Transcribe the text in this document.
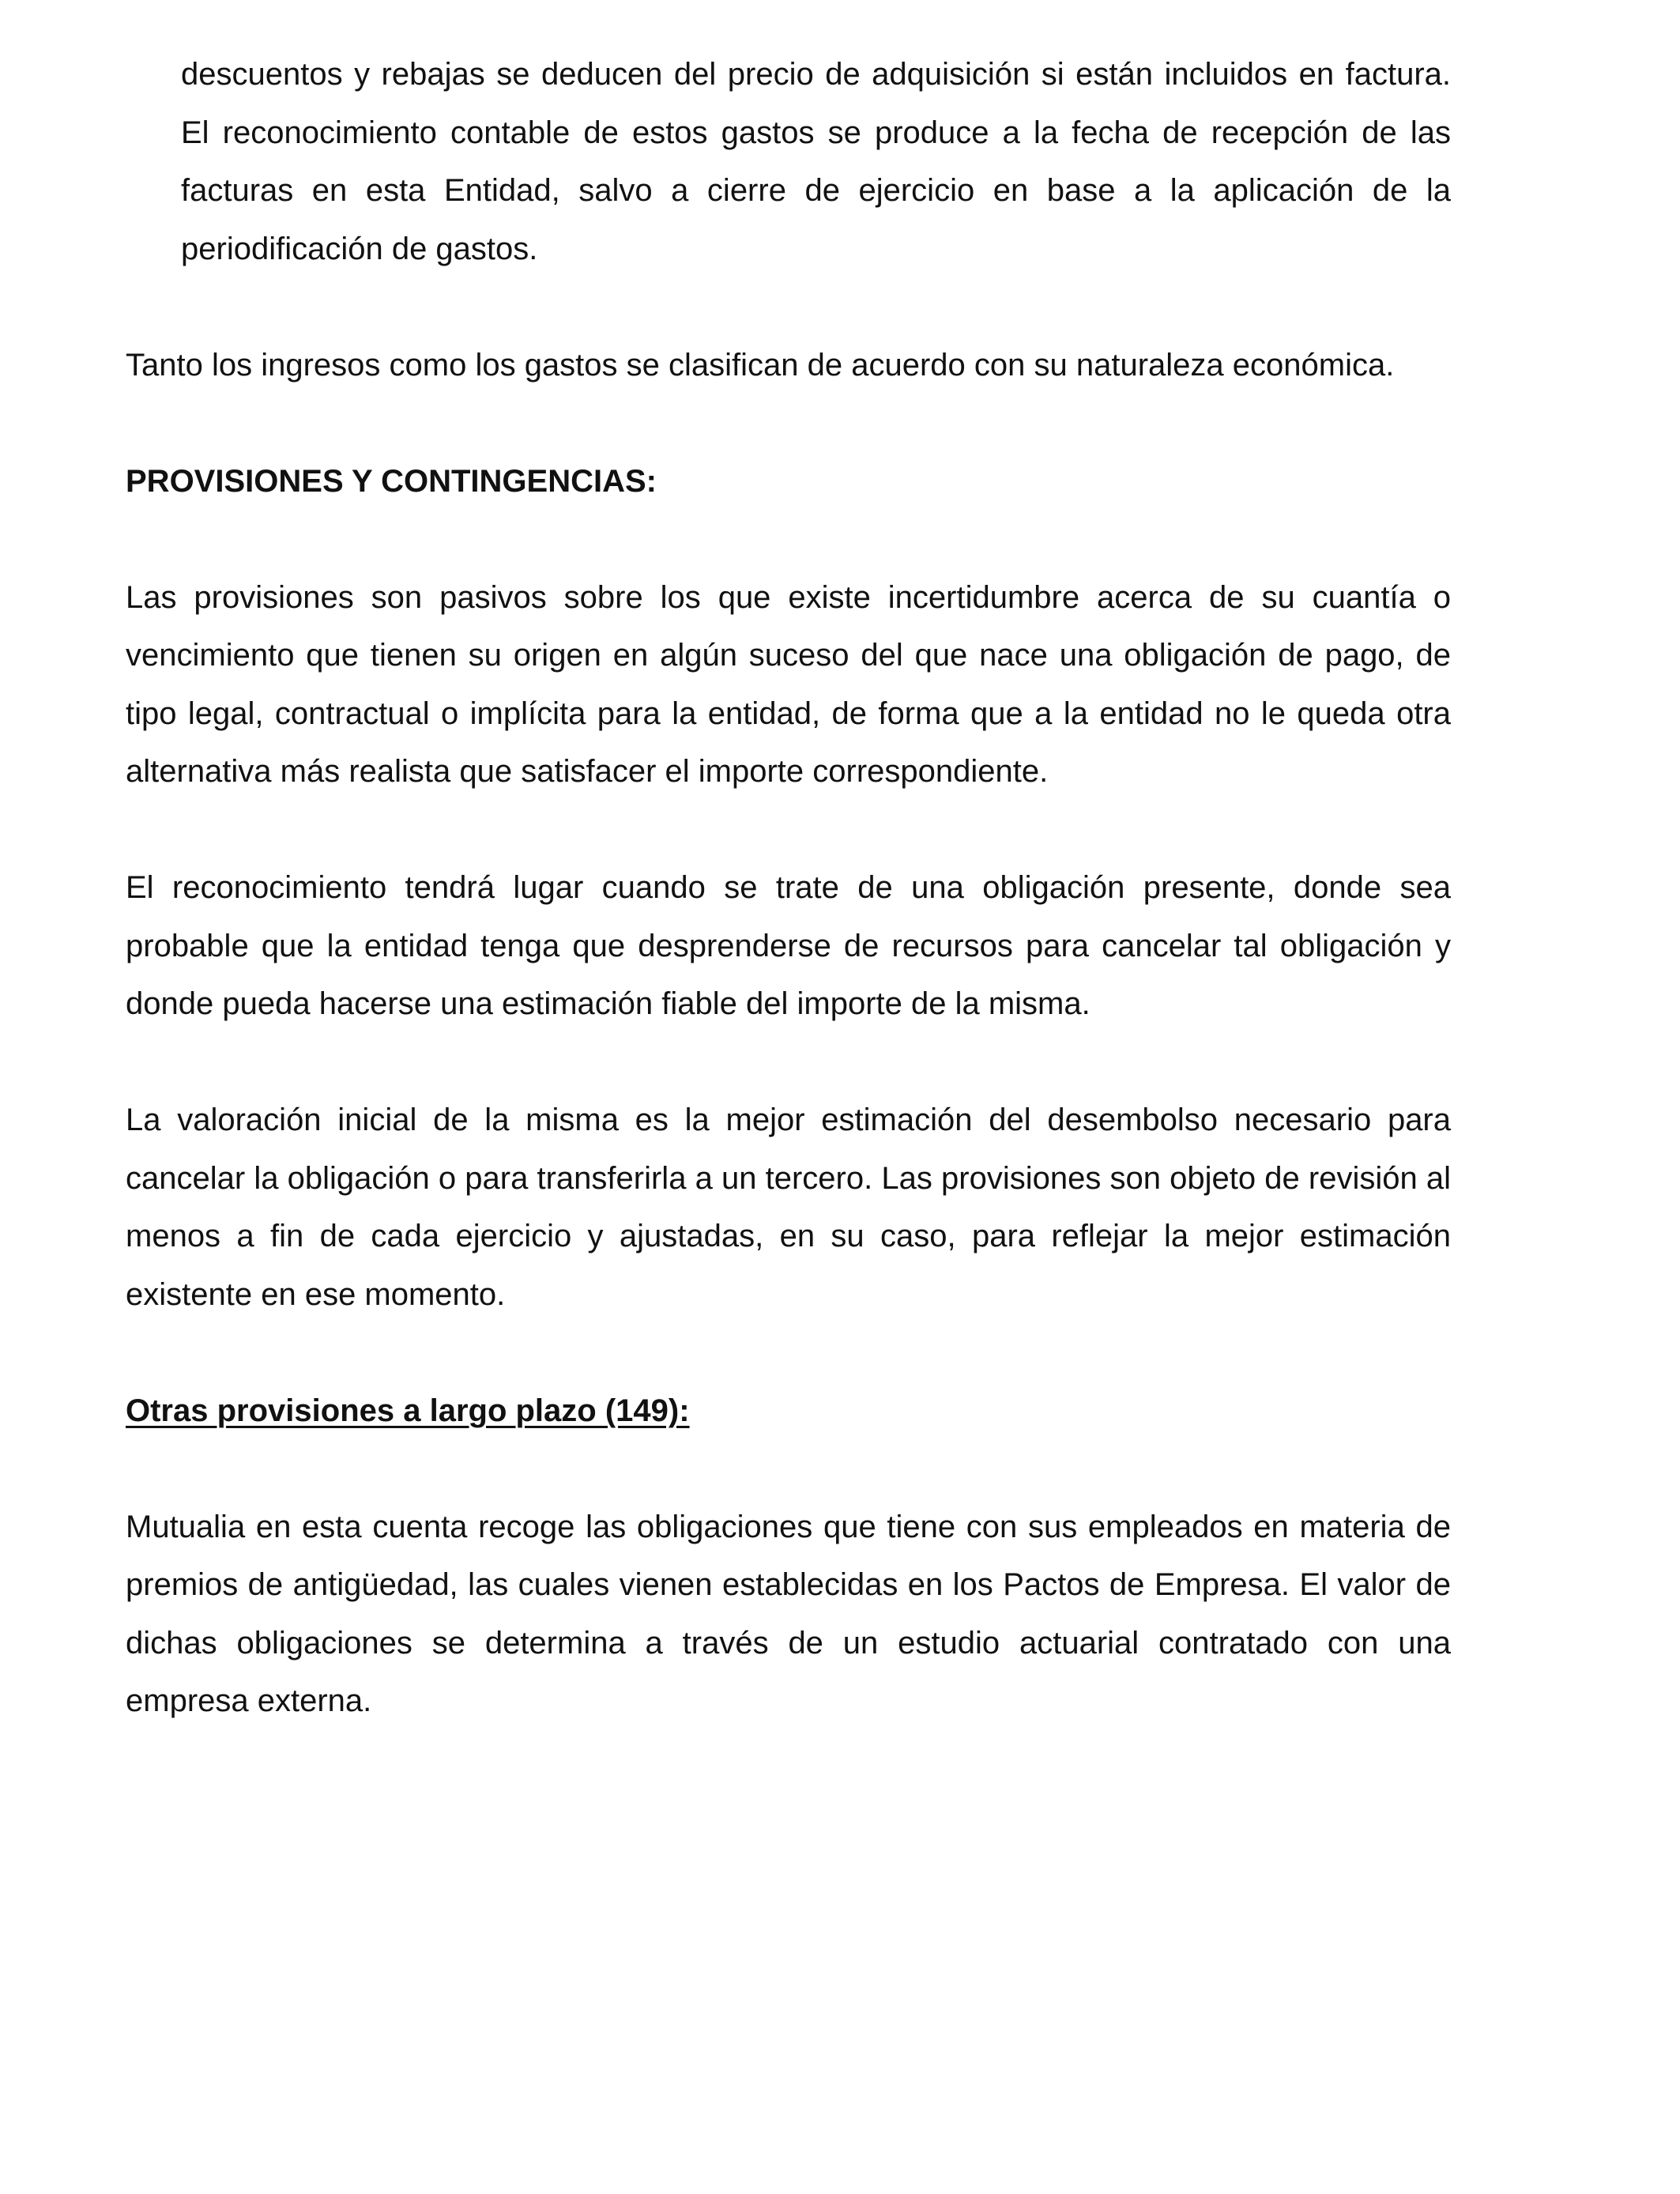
descuentos y rebajas se deducen del precio de adquisición si están incluidos en factura. El reconocimiento contable de estos gastos se produce a la fecha de recepción de las facturas en esta Entidad, salvo a cierre de ejercicio en base a la aplicación de la periodificación de gastos.

Tanto los ingresos como los gastos se clasifican de acuerdo con su naturaleza económica.

PROVISIONES Y CONTINGENCIAS:

Las provisiones son pasivos sobre los que existe incertidumbre acerca de su cuantía o vencimiento que tienen su origen en algún suceso del que nace una obligación de pago, de tipo legal, contractual o implícita para la entidad, de forma que a la entidad no le queda otra alternativa más realista que satisfacer el importe correspondiente.

El reconocimiento tendrá lugar cuando se trate de una obligación presente, donde sea probable que la entidad tenga que desprenderse de recursos para cancelar tal obligación y donde pueda hacerse una estimación fiable del importe de la misma.

La valoración inicial de la misma es la mejor estimación del desembolso necesario para cancelar la obligación o para transferirla a un tercero. Las provisiones son objeto de revisión al menos a fin de cada ejercicio y ajustadas, en su caso, para reflejar la mejor estimación existente en ese momento.

Otras provisiones a largo plazo (149):

Mutualia en esta cuenta recoge las obligaciones que tiene con sus empleados en materia de premios de antigüedad, las cuales vienen establecidas en los Pactos de Empresa. El valor de dichas obligaciones se determina a través de un estudio actuarial contratado con una empresa externa.
